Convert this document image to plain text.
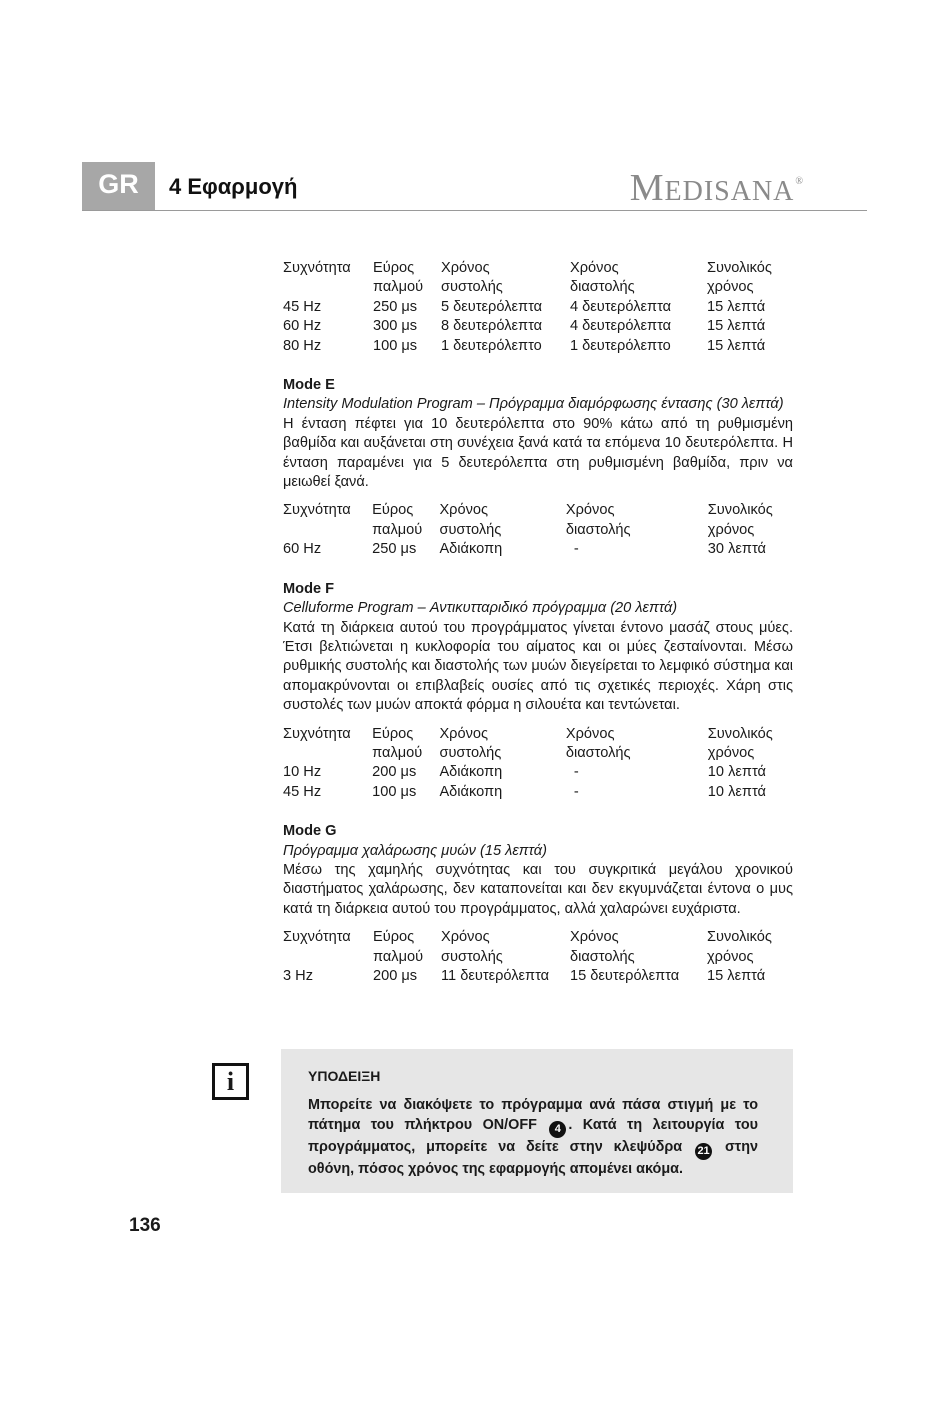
GR	4 Εφαρμογή	MEDISANA®
Συχνότητα	Εύρος	Χρόνος	Χρόνος	Συνολικός
	παλμού	συστολής	διαστολής	χρόνος
45 Hz	250 μs	5 δευτερόλεπτα	4 δευτερόλεπτα	15 λεπτά
60 Hz	300 μs	8 δευτερόλεπτα	4 δευτερόλεπτα	15 λεπτά
80 Hz	100 μs	1 δευτερόλεπτο	1 δευτερόλεπτο	15 λεπτά
Mode E
Intensity Modulation Program – Πρόγραμμα διαμόρφωσης έντασης (30 λεπτά)
Η ένταση πέφτει για 10 δευτερόλεπτα στο 90% κάτω από τη ρυθμισμένη βαθμίδα και αυξάνεται στη συνέχεια ξανά κατά τα επόμενα 10 δευτερόλεπτα. Η ένταση παραμένει για 5 δευτερόλεπτα στη ρυθμισμένη βαθμίδα, πριν να μειωθεί ξανά.
Συχνότητα	Εύρος	Χρόνος	Χρόνος	Συνολικός
	παλμού	συστολής	διαστολής	χρόνος
60 Hz	250 μs	Αδιάκοπη	-	30 λεπτά
Mode F
Celluforme Program – Αντικυτταριδικό πρόγραμμα (20 λεπτά)
Κατά τη διάρκεια αυτού του προγράμματος γίνεται έντονο μασάζ στους μύες. Έτσι βελτιώνεται η κυκλοφορία του αίματος και οι μύες ζεσταίνονται. Μέσω ρυθμικής συστολής και διαστολής των μυών διεγείρεται το λεμφικό σύστημα και απομακρύνονται οι επιβλαβείς ουσίες από τις σχετικές περιοχές. Χάρη στις συστολές των μυών αποκτά φόρμα η σιλουέτα και τεντώνεται.
Συχνότητα	Εύρος	Χρόνος	Χρόνος	Συνολικός
	παλμού	συστολής	διαστολής	χρόνος
10 Hz	200 μs	Αδιάκοπη	-	10 λεπτά
45 Hz	100 μs	Αδιάκοπη	-	10 λεπτά
Mode G
Πρόγραμμα χαλάρωσης μυών (15 λεπτά)
Μέσω της χαμηλής συχνότητας και του συγκριτικά μεγάλου χρονικού διαστήματος χαλάρωσης, δεν καταπονείται και δεν εκγυμνάζεται έντονα ο μυς κατά τη διάρκεια αυτού του προγράμματος, αλλά χαλαρώνει ευχάριστα.
Συχνότητα	Εύρος	Χρόνος	Χρόνος	Συνολικός
	παλμού	συστολής	διαστολής	χρόνος
3 Hz	200 μs	11 δευτερόλεπτα	15 δευτερόλεπτα	15 λεπτά
i	ΥΠΟΔΕΙΞΗ
Μπορείτε να διακόψετε το πρόγραμμα ανά πάσα στιγμή με το πάτημα του πλήκτρου ON/OFF 4 . Κατά τη λειτουργία του προγράμματος, μπορείτε να δείτε στην κλεψύδρα 21 στην οθόνη, πόσος χρόνος της εφαρμογής απομένει ακόμα.
136
